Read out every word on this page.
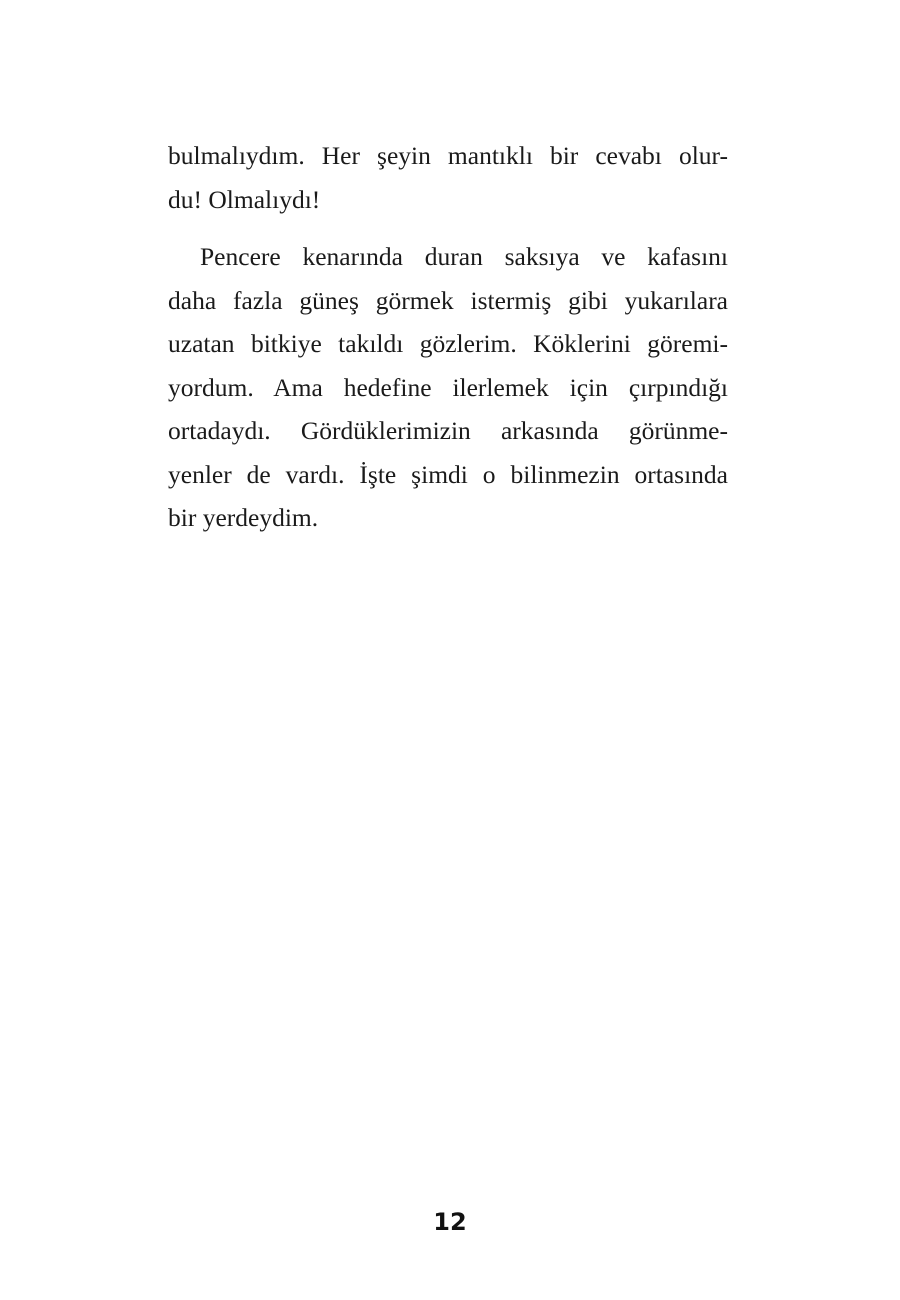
bulmalıydım. Her şeyin mantıklı bir cevabı olur-
du! Olmalıydı!
Pencere kenarında duran saksıya ve kafasını
daha fazla güneş görmek istermiş gibi yukarılara
uzatan bitkiye takıldı gözlerim. Köklerini göremi-
yordum. Ama hedefine ilerlemek için çırpındığı
ortadaydı. Gördüklerimizin arkasında görünme-
yenler de vardı. İşte şimdi o bilinmezin ortasında
bir yerdeydim.
12
